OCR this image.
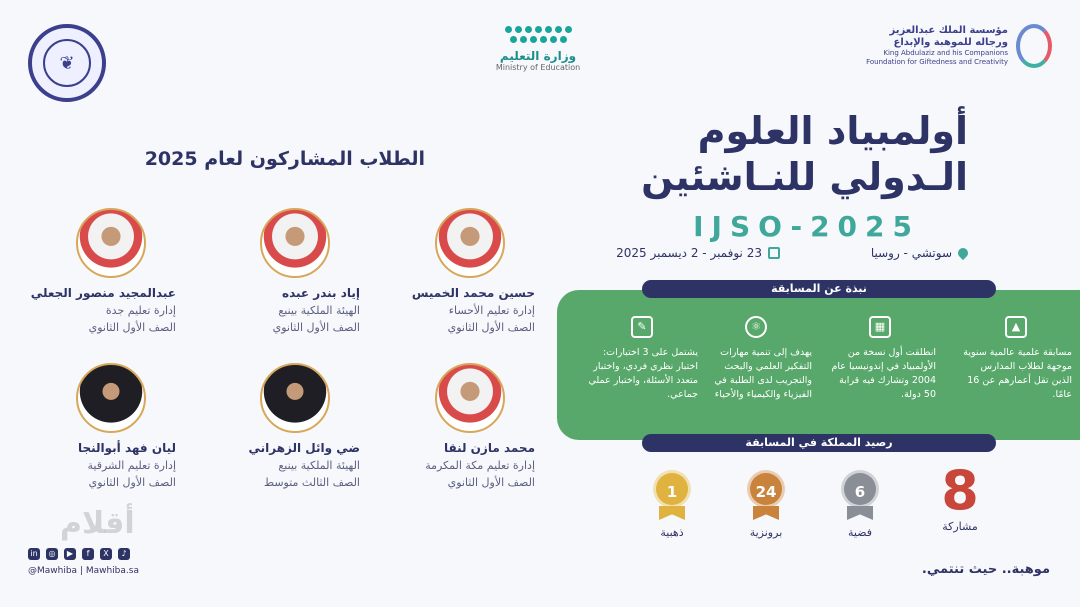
❦	وزارة التعليم
Ministry of Education
مؤسسة الملك عبدالعزيز
ورجاله للموهبة والإبداع
King Abdulaziz and his Companions
Foundation for Giftedness and Creativity
أولمبياد العلوم
الـدولي للنـاشئين
IJSO-2025
سوتشي - روسيا
23 نوفمبر - 2 ديسمبر 2025
نبذة عن المسابقة
▲
مسابقة علمية عالمية سنوية موجهة لطلاب المدارس الذين تقل أعمارهم عن 16 عامًا.
▦
انطلقت أول نسخة من الأولمبياد في إندونيسيا عام 2004 وتشارك فيه قرابة 50 دولة.
⚛
يهدف إلى تنمية مهارات التفكير العلمي والبحث والتجريب لدى الطلبة في الفيزياء والكيمياء والأحياء
✎
يشتمل على 3 اختبارات: اختبار نظري فردي، واختبار متعدد الأسئلة، واختبار عملي جماعي.
الطلاب المشاركون لعام 2025
حسين محمد الخميس
إدارة تعليم الأحساء
الصف الأول الثانوي
إياد بندر عبده
الهيئة الملكية بينبع
الصف الأول الثانوي
عبدالمجيد منصور الجعلي
إدارة تعليم جدة
الصف الأول الثانوي
محمد مازن لنقا
إدارة تعليم مكة المكرمة
الصف الأول الثانوي
ضي وائل الزهراني
الهيئة الملكية بينبع
الصف الثالث متوسط
ليان فهد أبوالنجا
إدارة تعليم الشرقية
الصف الأول الثانوي
رصيد المملكة في المسابقة
8
مشاركة
6
فضية
24
برونزية
1
ذهبية
أقلام
in	◎	▶	f	X	♪
@Mawhiba | Mawhiba.sa	موهبة.. حيث تنتمي.
